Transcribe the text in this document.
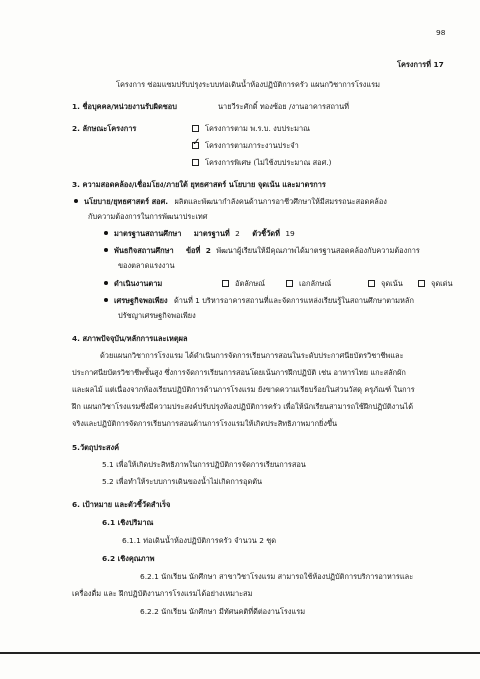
98
โครงการที่ 17
โครงการ ซ่อมแซมปรับปรุงระบบท่อเดินน้ำห้องปฏิบัติการครัว แผนกวิชาการโรงแรม
1. ชื่อบุคคล/หน่วยงานรับผิดชอบ	นายวีระศักดิ์ ทองซ้อย /งานอาคารสถานที่
2. ลักษณะโครงการ	โครงการตาม พ.ร.บ. งบประมาณ
✓โครงการตามภาระงานประจำ
โครงการพิเศษ (ไม่ใช้งบประมาณ สอศ.)
3. ความสอดคล้อง/เชื่อมโยง/ภายใต้ ยุทธศาสตร์ นโยบาย จุดเน้น และมาตรการ
นโยบาย/ยุทธศาสตร์ สอศ. ผลิตและพัฒนากำลังคนด้านการอาชีวศึกษาให้มีสมรรถนะสอดคล้อง
กับความต้องการในการพัฒนาประเทศ
มาตรฐานสถานศึกษา มาตรฐานที่ 2 ตัวชี้วัดที่ 19
พันธกิจสถานศึกษา ข้อที่ 2 พัฒนาผู้เรียนให้มีคุณภาพได้มาตรฐานสอดคล้องกับความต้องการ
ของตลาดแรงงาน
ดำเนินงานตาม	อัตลักษณ์	เอกลักษณ์	จุดเน้น	จุดเด่น
เศรษฐกิจพอเพียง ด้านที่ 1 บริหารอาคารสถานที่และจัดการแหล่งเรียนรู้ในสถานศึกษาตามหลัก
ปรัชญาเศรษฐกิจพอเพียง
4. สภาพปัจจุบัน/หลักการและเหตุผล
ด้วยแผนกวิชาการโรงแรม ได้ดำเนินการจัดการเรียนการสอนในระดับประกาศนียบัตรวิชาชีพและ
ประกาศนียบัตรวิชาชีพชั้นสูง ซึ่งการจัดการเรียนการสอนโดยเน้นการฝึกปฏิบัติ เช่น อาหารไทย แกะสลักผัก
และผลไม้ แต่เนื่องจากห้องเรียนปฏิบัติการด้านการโรงแรม ยังขาดความเรียบร้อยในส่วนวัสดุ ครุภัณฑ์ ในการ
ฝึก แผนกวิชาโรงแรมซึ่งมีความประสงค์ปรับปรุงห้องปฏิบัติการครัว เพื่อให้นักเรียนสามารถใช้ฝึกปฏิบัติงานได้
จริงและปฏิบัติการจัดการเรียนการสอนด้านการโรงแรมให้เกิดประสิทธิภาพมากยิ่งขึ้น
5.วัตถุประสงค์
5.1 เพื่อให้เกิดประสิทธิภาพในการปฏิบัติการจัดการเรียนการสอน
5.2 เพื่อทำให้ระบบการเดินของน้ำไม่เกิดการอุดตัน
6. เป้าหมาย และตัวชี้วัดสำเร็จ
6.1 เชิงปริมาณ
6.1.1 ท่อเดินน้ำห้องปฏิบัติการครัว จำนวน 2 ชุด
6.2 เชิงคุณภาพ
6.2.1 นักเรียน นักศึกษา สาขาวิชาโรงแรม สามารถใช้ห้องปฏิบัติการบริการอาหารและ
เครื่องดื่ม และ ฝึกปฏิบัติงานการโรงแรมได้อย่างเหมาะสม
6.2.2 นักเรียน นักศึกษา มีทัศนคติที่ดีต่องานโรงแรม
